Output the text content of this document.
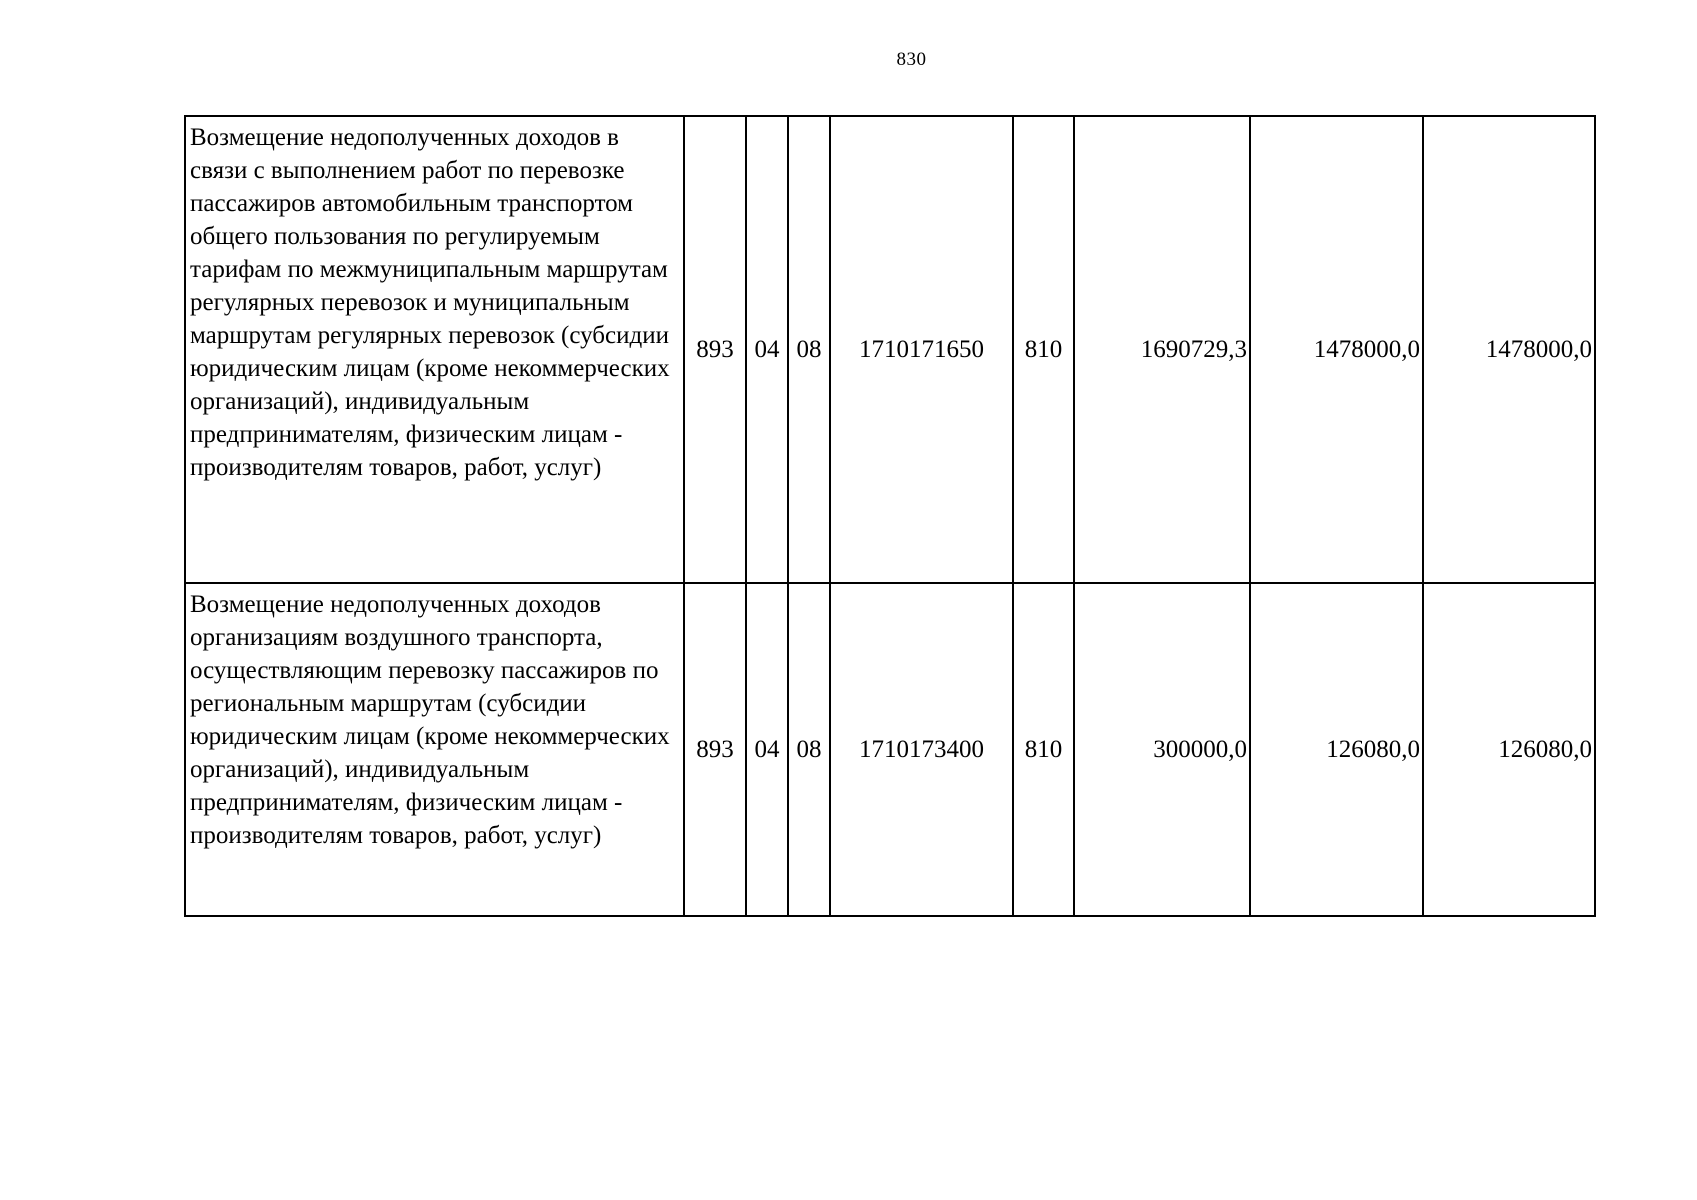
830
Возмещение недополученных доходов в связи с выполнением работ по перевозке пассажиров автомобильным транспортом общего пользования по регулируемым тарифам по межмуниципальным маршрутам регулярных перевозок и муниципальным маршрутам регулярных перевозок (субсидии юридическим лицам (кроме некоммерческих организаций), индивидуальным предпринимателям, физическим лицам - производителям товаров, работ, услуг)	893	04	08	1710171650	810	1690729,3	1478000,0	1478000,0
Возмещение недополученных доходов организациям воздушного транспорта, осуществляющим перевозку пассажиров по региональным маршрутам (субсидии юридическим лицам (кроме некоммерческих организаций), индивидуальным предпринимателям, физическим лицам - производителям товаров, работ, услуг)	893	04	08	1710173400	810	300000,0	126080,0	126080,0
